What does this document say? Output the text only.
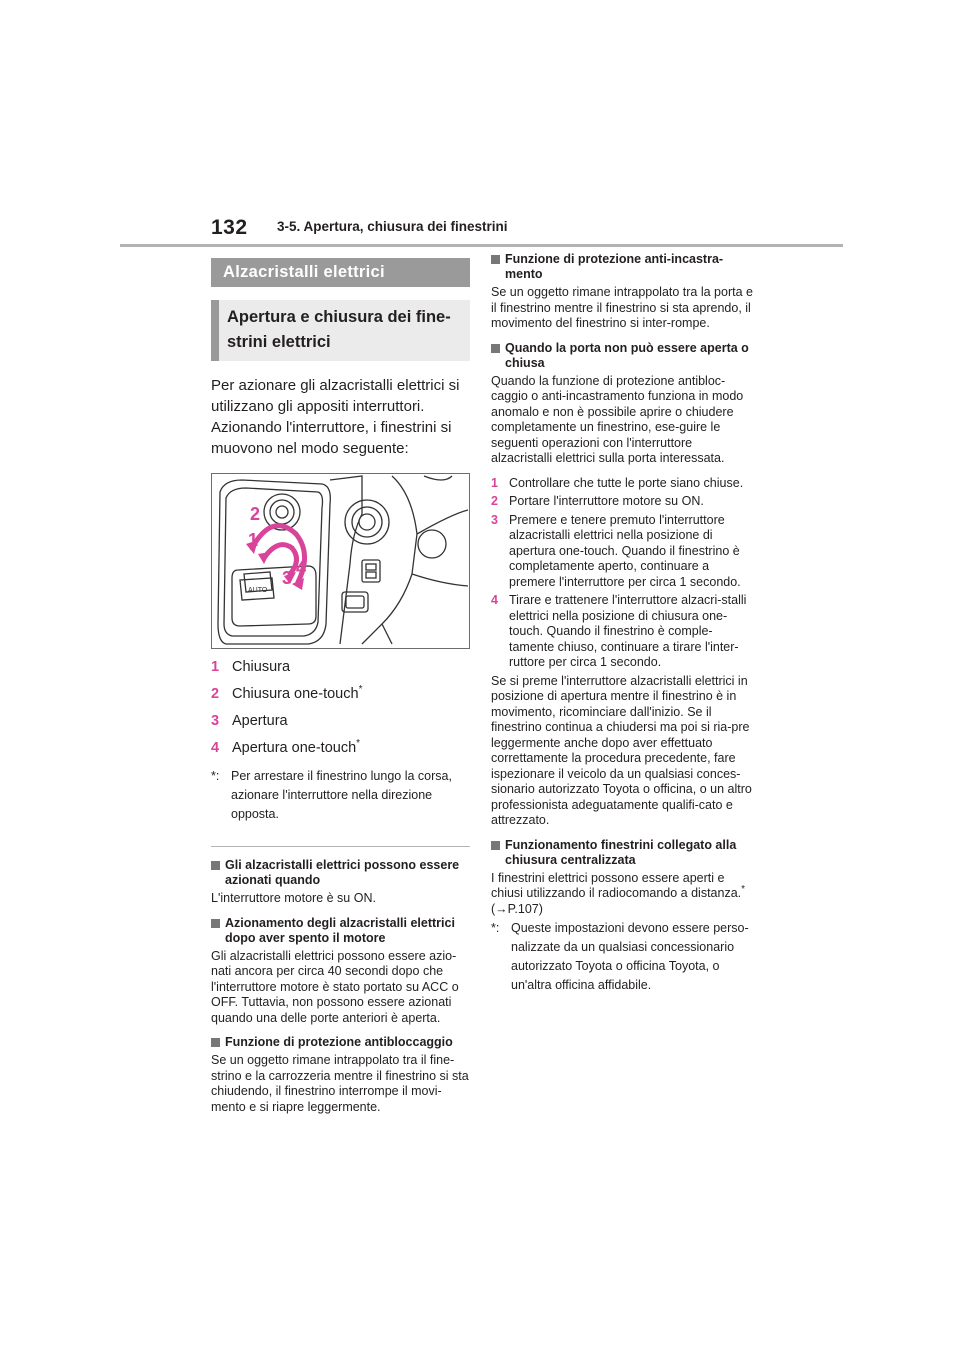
132 3-5. Apertura, chiusura dei finestrini
Alzacristalli elettrici
Apertura e chiusura dei fine-strini elettrici
Per azionare gli alzacristalli elettrici si utilizzano gli appositi interruttori. Azionando l'interruttore, i finestrini si muovono nel modo seguente:
AUTO
2
1
3 4
1 Chiusura
2 Chiusura one-touch*
3 Apertura
4 Apertura one-touch*
*: Per arrestare il finestrino lungo la corsa, azionare l'interruttore nella direzione opposta.
Gli alzacristalli elettrici possono essere azionati quando
L'interruttore motore è su ON.
Azionamento degli alzacristalli elettrici dopo aver spento il motore
Gli alzacristalli elettrici possono essere azio-nati ancora per circa 40 secondi dopo che l'interruttore motore è stato portato su ACC o OFF. Tuttavia, non possono essere azionati quando una delle porte anteriori è aperta.
Funzione di protezione antibloccaggio
Se un oggetto rimane intrappolato tra il fine-strino e la carrozzeria mentre il finestrino si sta chiudendo, il finestrino interrompe il movi-mento e si riapre leggermente.
Funzione di protezione anti-incastra-mento
Se un oggetto rimane intrappolato tra la porta e il finestrino mentre il finestrino si sta aprendo, il movimento del finestrino si inter-rompe.
Quando la porta non può essere aperta o chiusa
Quando la funzione di protezione antibloc-caggio o anti-incastramento funziona in modo anomalo e non è possibile aprire o chiudere completamente un finestrino, ese-guire le seguenti operazioni con l'interruttore alzacristalli elettrici sulla porta interessata.
1 Controllare che tutte le porte siano chiuse.
2 Portare l'interruttore motore su ON.
3 Premere e tenere premuto l'interruttore alzacristalli elettrici nella posizione di apertura one-touch. Quando il finestrino è completamente aperto, continuare a premere l'interruttore per circa 1 secondo.
4 Tirare e trattenere l'interruttore alzacri-stalli elettrici nella posizione di chiusura one-touch. Quando il finestrino è comple-tamente chiuso, continuare a tirare l'inter-ruttore per circa 1 secondo.
Se si preme l'interruttore alzacristalli elettrici in posizione di apertura mentre il finestrino è in movimento, ricominciare dall'inizio. Se il finestrino continua a chiudersi ma poi si ria-pre leggermente anche dopo aver effettuato correttamente la procedura precedente, fare ispezionare il veicolo da un qualsiasi conces-sionario autorizzato Toyota o officina, o un altro professionista adeguatamente qualifi-cato e attrezzato.
Funzionamento finestrini collegato alla chiusura centralizzata
I finestrini elettrici possono essere aperti e chiusi utilizzando il radiocomando a distanza.* (→P.107)
*: Queste impostazioni devono essere perso-nalizzate da un qualsiasi concessionario autorizzato Toyota o officina Toyota, o un'altra officina affidabile.
